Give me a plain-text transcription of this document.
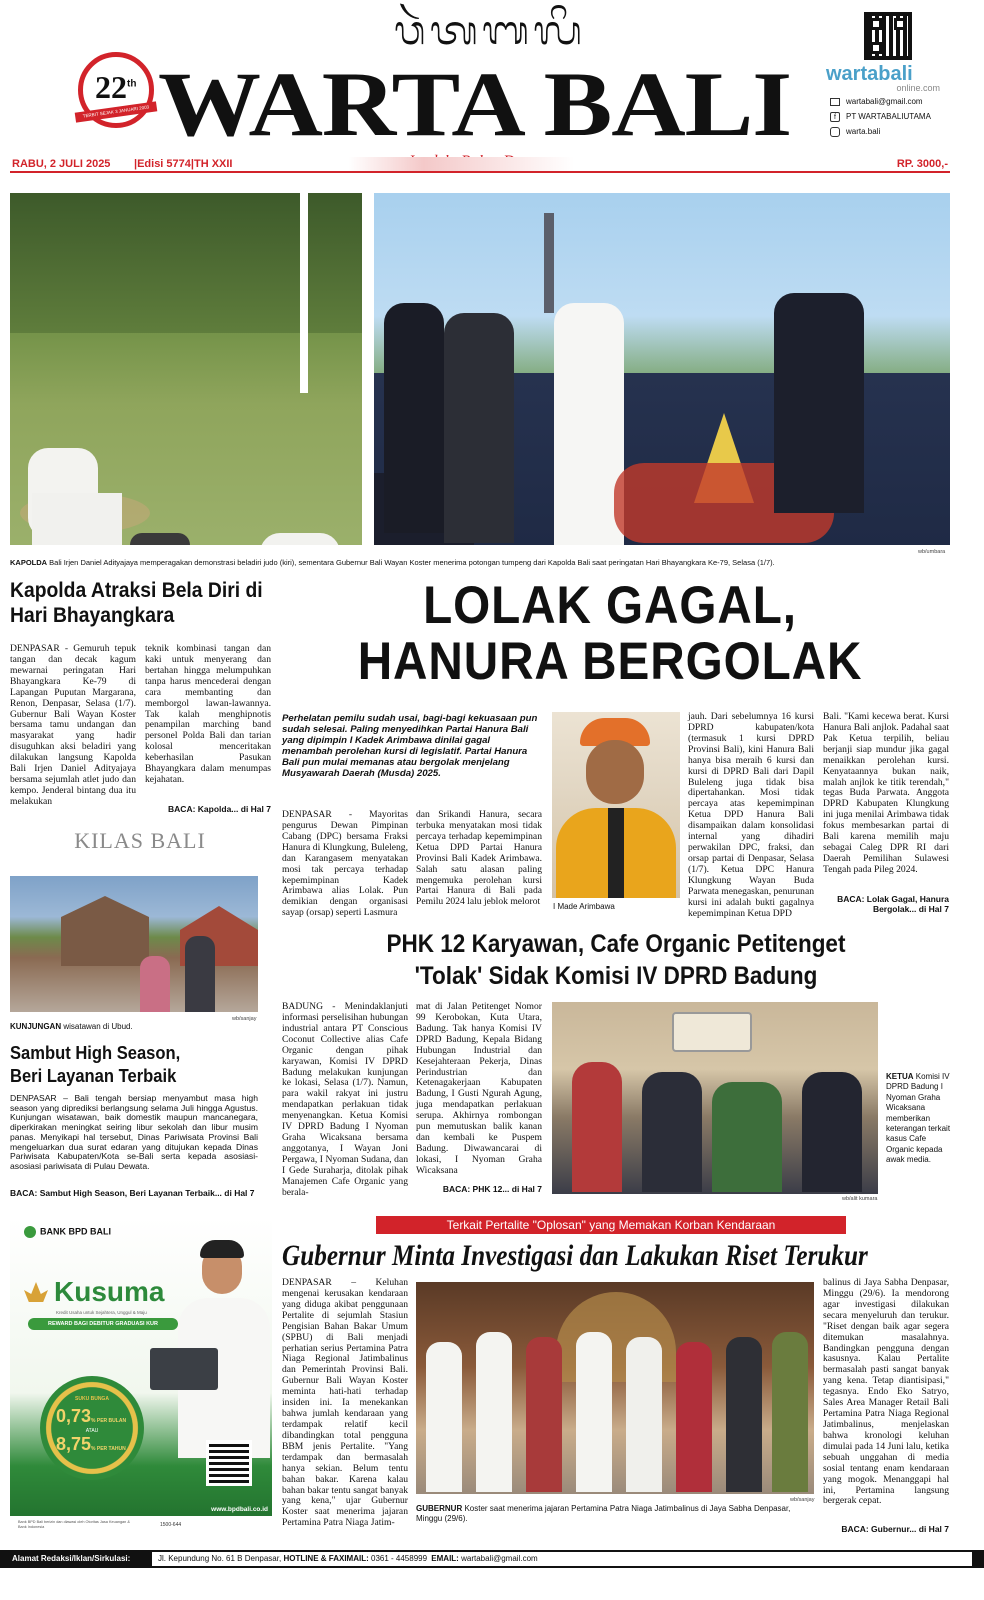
ᬯᬃᬢᬩᬮᬶ
22th
TERBIT SEJAK 3 JANUARI 2003 WARTA BALI	wartabali
online.com
wartabali@gmail.com
f PT WARTABALIUTAMA
warta.bali
RABU, 2 JULI 2025 |Edisi 5774|TH XXII	RP. 3000,-
KAPOLDA Bali Irjen Daniel Adityajaya memperagakan demonstrasi beladiri judo (kiri), sementara Gubernur Bali Wayan Koster menerima potongan tumpeng dari Kapolda Bali saat peringatan Hari Bhayangkara Ke-79, Selasa (1/7).
wb/umbara
Kapolda Atraksi Bela Diri di Hari Bhayangkara
DENPASAR - Gemuruh tepuk tangan dan decak kagum mewarnai peringatan Hari Bhayangkara Ke-79 di Lapangan Puputan Margarana, Renon, Denpasar, Selasa (1/7). Gubernur Bali Wayan Koster bersama tamu undangan dan masyarakat yang hadir disuguhkan aksi beladiri yang dilakukan langsung Kapolda Bali Irjen Daniel Adityajaya bersama sejumlah atlet judo dan kempo. Jenderal bintang dua itu melakukan
teknik kombinasi tangan dan kaki untuk menyerang dan bertahan hingga melumpuhkan tanpa harus mencederai dengan cara membanting dan memborgol lawan-lawannya. Tak kalah menghipnotis penampilan marching band personel Polda Bali dan tarian kolosal menceritakan keberhasilan Pasukan Bhayangkara dalam menumpas kejahatan.
BACA: Kapolda... di Hal 7
KILAS BALI
wb/sanjay
KUNJUNGAN wisatawan di Ubud.
Sambut High Season, Beri Layanan Terbaik
DENPASAR – Bali tengah bersiap menyambut masa high season yang diprediksi berlangsung selama Juli hingga Agustus. Kunjungan wisatawan, baik domestik maupun mancanegara, diperkirakan meningkat seiring libur sekolah dan libur musim panas. Menyikapi hal tersebut, Dinas Pariwisata Provinsi Bali mengeluarkan dua surat edaran yang ditujukan kepada Dinas Pariwisata Kabupaten/Kota se-Bali serta kepada asosiasi-asosiasi pariwisata di Pulau Dewata.
BACA: Sambut High Season, Beri Layanan Terbaik... di Hal 7
LOLAK GAGAL,
HANURA BERGOLAK
Perhelatan pemilu sudah usai, bagi-bagi kekuasaan pun sudah selesai. Paling menyedihkan Partai Hanura Bali yang dipimpin I Kadek Arimbawa dinilai gagal menambah perolehan kursi di legislatif. Partai Hanura Bali pun mulai memanas atau bergolak menjelang Musyawarah Daerah (Musda) 2025.
DENPASAR - Mayoritas pengurus Dewan Pimpinan Cabang (DPC) bersama Fraksi Hanura di Klungkung, Buleleng, dan Karangasem menyatakan mosi tak percaya terhadap kepemimpinan Kadek Arimbawa alias Lolak. Pun demikian dengan organisasi sayap (orsap) seperti Lasmura
dan Srikandi Hanura, secara terbuka menyatakan mosi tidak percaya terhadap kepemimpinan Ketua DPD Partai Hanura Provinsi Bali Kadek Arimbawa. Salah satu alasan paling mengemuka perolehan kursi Partai Hanura di Bali pada Pemilu 2024 lalu jeblok melorot I Made Arimbawa
jauh. Dari sebelumnya 16 kursi DPRD kabupaten/kota (termasuk 1 kursi DPRD Provinsi Bali), kini Hanura Bali hanya bisa meraih 6 kursi dan kursi di DPRD Bali dari Dapil Buleleng juga tidak bisa dipertahankan. Mosi tidak percaya atas kepemimpinan Ketua DPD Hanura Bali disampaikan dalam konsolidasi internal yang dihadiri perwakilan DPC, fraksi, dan orsap partai di Denpasar, Selasa (1/7). Ketua DPC Hanura Klungkung Wayan Buda Parwata menegaskan, penurunan kursi ini adalah bukti gagalnya kepemimpinan Ketua DPD
Bali. "Kami kecewa berat. Kursi Hanura Bali anjlok. Padahal saat Pak Ketua terpilih, beliau berjanji siap mundur jika gagal menaikkan perolehan kursi. Kenyataannya bukan naik, malah anjlok ke titik terendah," tegas Buda Parwata. Anggota DPRD Kabupaten Klungkung ini juga menilai Arimbawa tidak fokus membesarkan partai di Bali karena memilih maju sebagai Caleg DPR RI dari Daerah Pemilihan Sulawesi Tengah pada Pileg 2024.
BACA: Lolak Gagal, Hanura Bergolak... di Hal 7
PHK 12 Karyawan, Cafe Organic Petitenget
'Tolak' Sidak Komisi IV DPRD Badung
BADUNG - Menindaklanjuti informasi perselisihan hubungan industrial antara PT Conscious Coconut Collective alias Cafe Organic dengan pihak karyawan, Komisi IV DPRD Badung melakukan kunjungan ke lokasi, Selasa (1/7). Namun, para wakil rakyat ini justru mendapatkan perlakuan tidak menyenangkan. Ketua Komisi IV DPRD Badung I Nyoman Graha Wicaksana bersama anggotanya, I Wayan Joni Pergawa, I Nyoman Sudana, dan I Gede Suraharja, ditolak pihak Manajemen Cafe Organic yang berala-
mat di Jalan Petitenget Nomor 99 Kerobokan, Kuta Utara, Badung. Tak hanya Komisi IV DPRD Badung, Kepala Bidang Hubungan Industrial dan Kesejahteraan Pekerja, Dinas Perindustrian dan Ketenagakerjaan Kabupaten Badung, I Gusti Ngurah Agung, juga mendapatkan perlakuan serupa. Akhirnya rombongan pun memutuskan balik kanan dan kembali ke Puspem Badung. Diwawancarai di lokasi, I Nyoman Graha Wicaksana
BACA: PHK 12... di Hal 7
wb/alit kumara
KETUA Komisi IV DPRD Badung I Nyoman Graha Wicaksana memberikan keterangan terkait kasus Cafe Organic kepada awak media.
BANK BPD BALI
Kusuma
Kredit Usaha untuk Sejahtera, Unggul & Maju
REWARD BAGI DEBITUR GRADUASI KUR
SUKU BUNGA
0,73% PER BULAN
ATAU
8,75% PER TAHUN
www.bpdbali.co.id
Bank BPD Bali berizin dan diawasi oleh Otoritas Jasa Keuangan & Bank Indonesia	1500-644
Terkait Pertalite "Oplosan" yang Memakan Korban Kendaraan
Gubernur Minta Investigasi dan Lakukan Riset Terukur
DENPASAR – Keluhan mengenai kerusakan kendaraan yang diduga akibat penggunaan Pertalite di sejumlah Stasiun Pengisian Bahan Bakar Umum (SPBU) di Bali menjadi perhatian serius Pertamina Patra Niaga Regional Jatimbalinus dan Pemerintah Provinsi Bali. Gubernur Bali Wayan Koster meminta hati-hati terhadap insiden ini. Ia menekankan bahwa jumlah kendaraan yang terdampak relatif kecil dibandingkan total pengguna BBM jenis Pertalite. "Yang terdampak dan bermasalah hanya sekian. Belum tentu bahan bakar. Karena kalau bahan bakar tentu sangat banyak yang kena," ujar Gubernur Koster saat menerima jajaran Pertamina Patra Niaga Jatim-
wb/sanjay
GUBERNUR Koster saat menerima jajaran Pertamina Patra Niaga Jatimbalinus di Jaya Sabha Denpasar, Minggu (29/6).
balinus di Jaya Sabha Denpasar, Minggu (29/6). Ia mendorong agar investigasi dilakukan secara menyeluruh dan terukur. "Riset dengan baik agar segera ditemukan masalahnya. Bandingkan pengguna dengan kasusnya. Kalau Pertalite bermasalah pasti sangat banyak yang kena. Tetap diantisipasi," tegasnya. Endo Eko Satryo, Sales Area Manager Retail Bali Pertamina Patra Niaga Regional Jatimbalinus, menjelaskan bahwa kronologi keluhan dimulai pada 14 Juni lalu, ketika sebuah unggahan di media sosial tentang enam kendaraan yang mogok. Menanggapi hal ini, Pertamina langsung bergerak cepat.
BACA: Gubernur... di Hal 7
Alamat Redaksi/Iklan/Sirkulasi:	Jl. Kepundung No. 61 B Denpasar, HOTLINE & FAXIMAIL: 0361 - 4458999 EMAIL: wartabali@gmail.com
